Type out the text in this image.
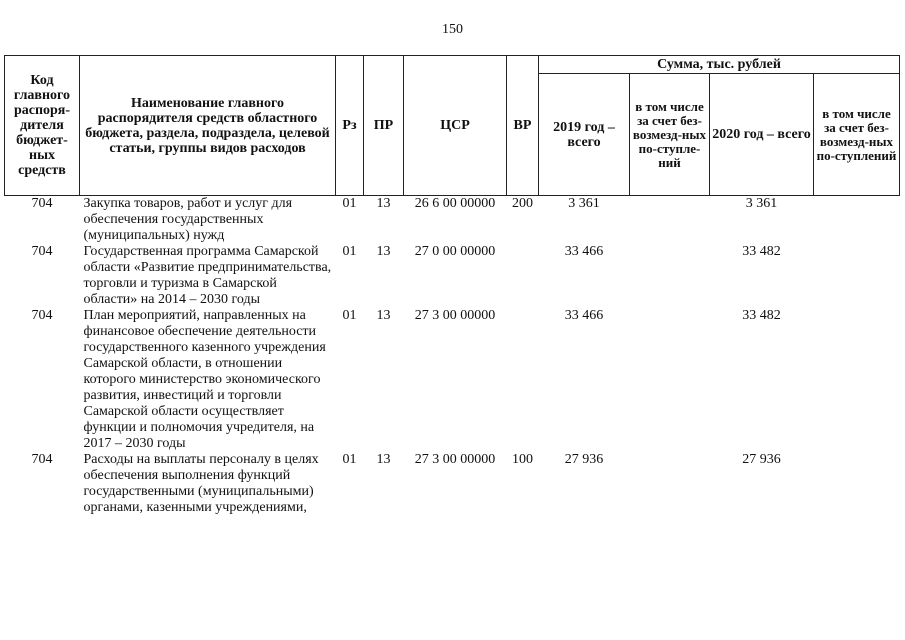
150
Код главного распоря-дителя бюджет-ных средств	Наименование главного распорядителя средств областного бюджета, раздела, подраздела, целевой статьи, группы видов расходов	Рз	ПР	ЦСР	ВР	Сумма, тыс. рублей			
						2019 год – всего	в том числе за счет без-возмезд-ных по-ступле-ний	2020 год – всего	в том числе за счет без-возмезд-ных по-ступлений
704	Закупка товаров, работ и услуг для обеспечения государственных (муниципальных) нужд	01	13	26 6 00 00000	200	3 361		3 361	
704	Государственная программа Самарской области «Развитие предпринимательства, торговли и туризма в Самарской области» на 2014 – 2030 годы	01	13	27 0 00 00000		33 466		33 482	
704	План мероприятий, направленных на финансовое обеспечение деятельности государственного казенного учреждения Самарской области, в отношении которого министерство экономического развития, инвестиций и торговли Самарской области осуществляет функции и полномочия учредителя, на 2017 – 2030 годы	01	13	27 3 00 00000		33 466		33 482	
704	Расходы на выплаты персоналу в целях обеспечения выполнения функций государственными (муниципальными) органами, казенными учреждениями,	01	13	27 3 00 00000	100	27 936		27 936	
